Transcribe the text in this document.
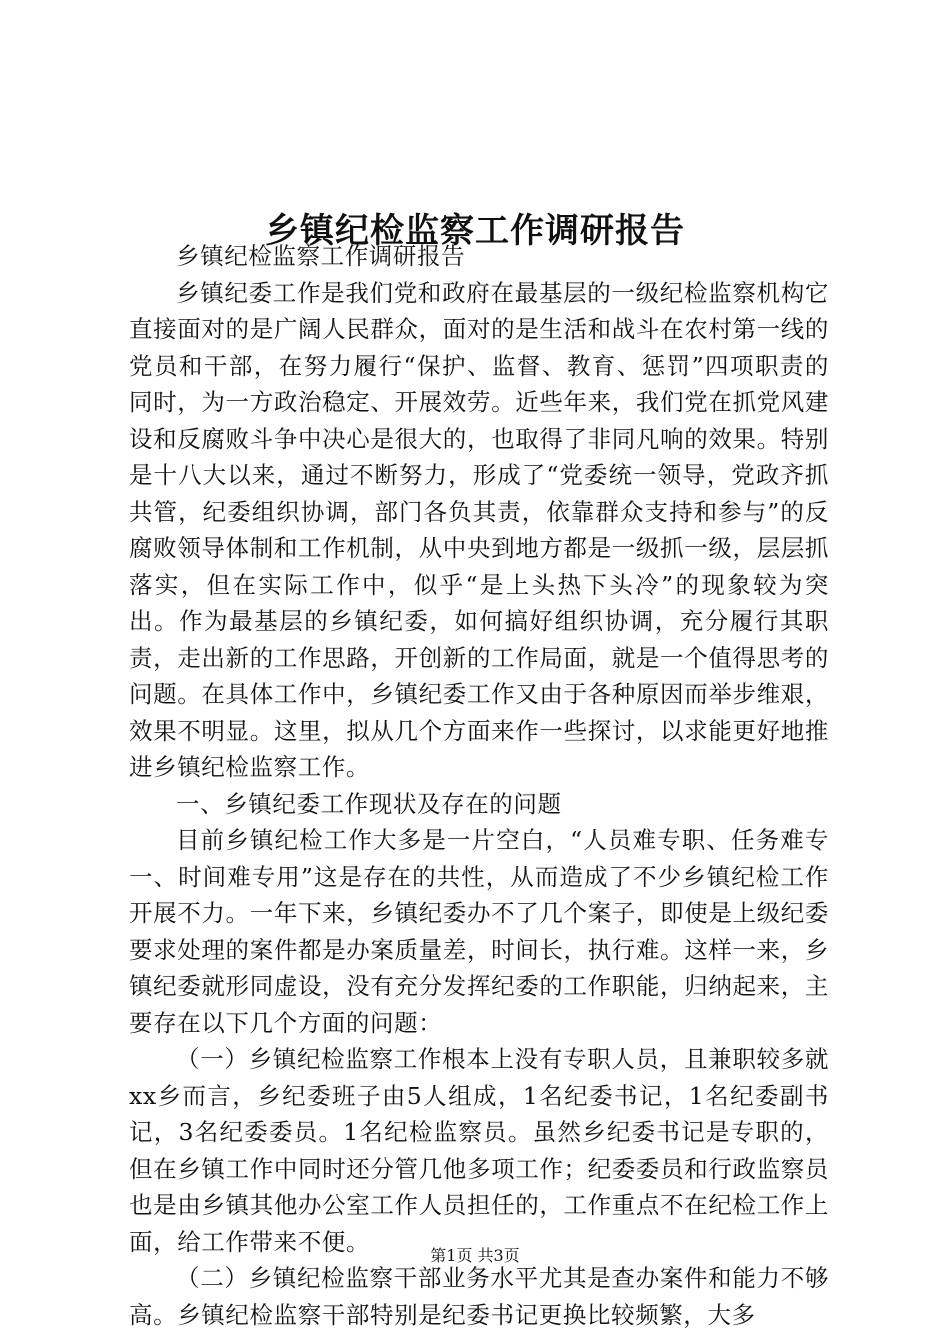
乡镇纪检监察工作调研报告

乡镇纪检监察工作调研报告

乡镇纪委工作是我们党和政府在最基层的一级纪检监察机构它直接面对的是广阔人民群众，面对的是生活和战斗在农村第一线的党员和干部，在努力履行“保护、监督、教育、惩罚”四项职责的同时，为一方政治稳定、开展效劳。近些年来，我们党在抓党风建设和反腐败斗争中决心是很大的，也取得了非同凡响的效果。特别是十八大以来，通过不断努力，形成了“党委统一领导，党政齐抓共管，纪委组织协调，部门各负其责，依靠群众支持和参与”的反腐败领导体制和工作机制，从中央到地方都是一级抓一级，层层抓落实，但在实际工作中，似乎“是上头热下头冷”的现象较为突出。作为最基层的乡镇纪委，如何搞好组织协调，充分履行其职责，走出新的工作思路，开创新的工作局面，就是一个值得思考的问题。在具体工作中，乡镇纪委工作又由于各种原因而举步维艰，效果不明显。这里，拟从几个方面来作一些探讨，以求能更好地推进乡镇纪检监察工作。

一、乡镇纪委工作现状及存在的问题

目前乡镇纪检工作大多是一片空白，“人员难专职、任务难专一、时间难专用”这是存在的共性，从而造成了不少乡镇纪检工作开展不力。一年下来，乡镇纪委办不了几个案子，即使是上级纪委要求处理的案件都是办案质量差，时间长，执行难。这样一来，乡镇纪委就形同虚设，没有充分发挥纪委的工作职能，归纳起来，主要存在以下几个方面的问题：

（一）乡镇纪检监察工作根本上没有专职人员，且兼职较多就xx乡而言，乡纪委班子由5人组成，1名纪委书记，1名纪委副书记，3名纪委委员。1名纪检监察员。虽然乡纪委书记是专职的，但在乡镇工作中同时还分管几他多项工作；纪委委员和行政监察员也是由乡镇其他办公室工作人员担任的，工作重点不在纪检工作上面，给工作带来不便。

（二）乡镇纪检监察干部业务水平尤其是查办案件和能力不够高。乡镇纪检监察干部特别是纪委书记更换比较频繁，大多

第1页 共3页
